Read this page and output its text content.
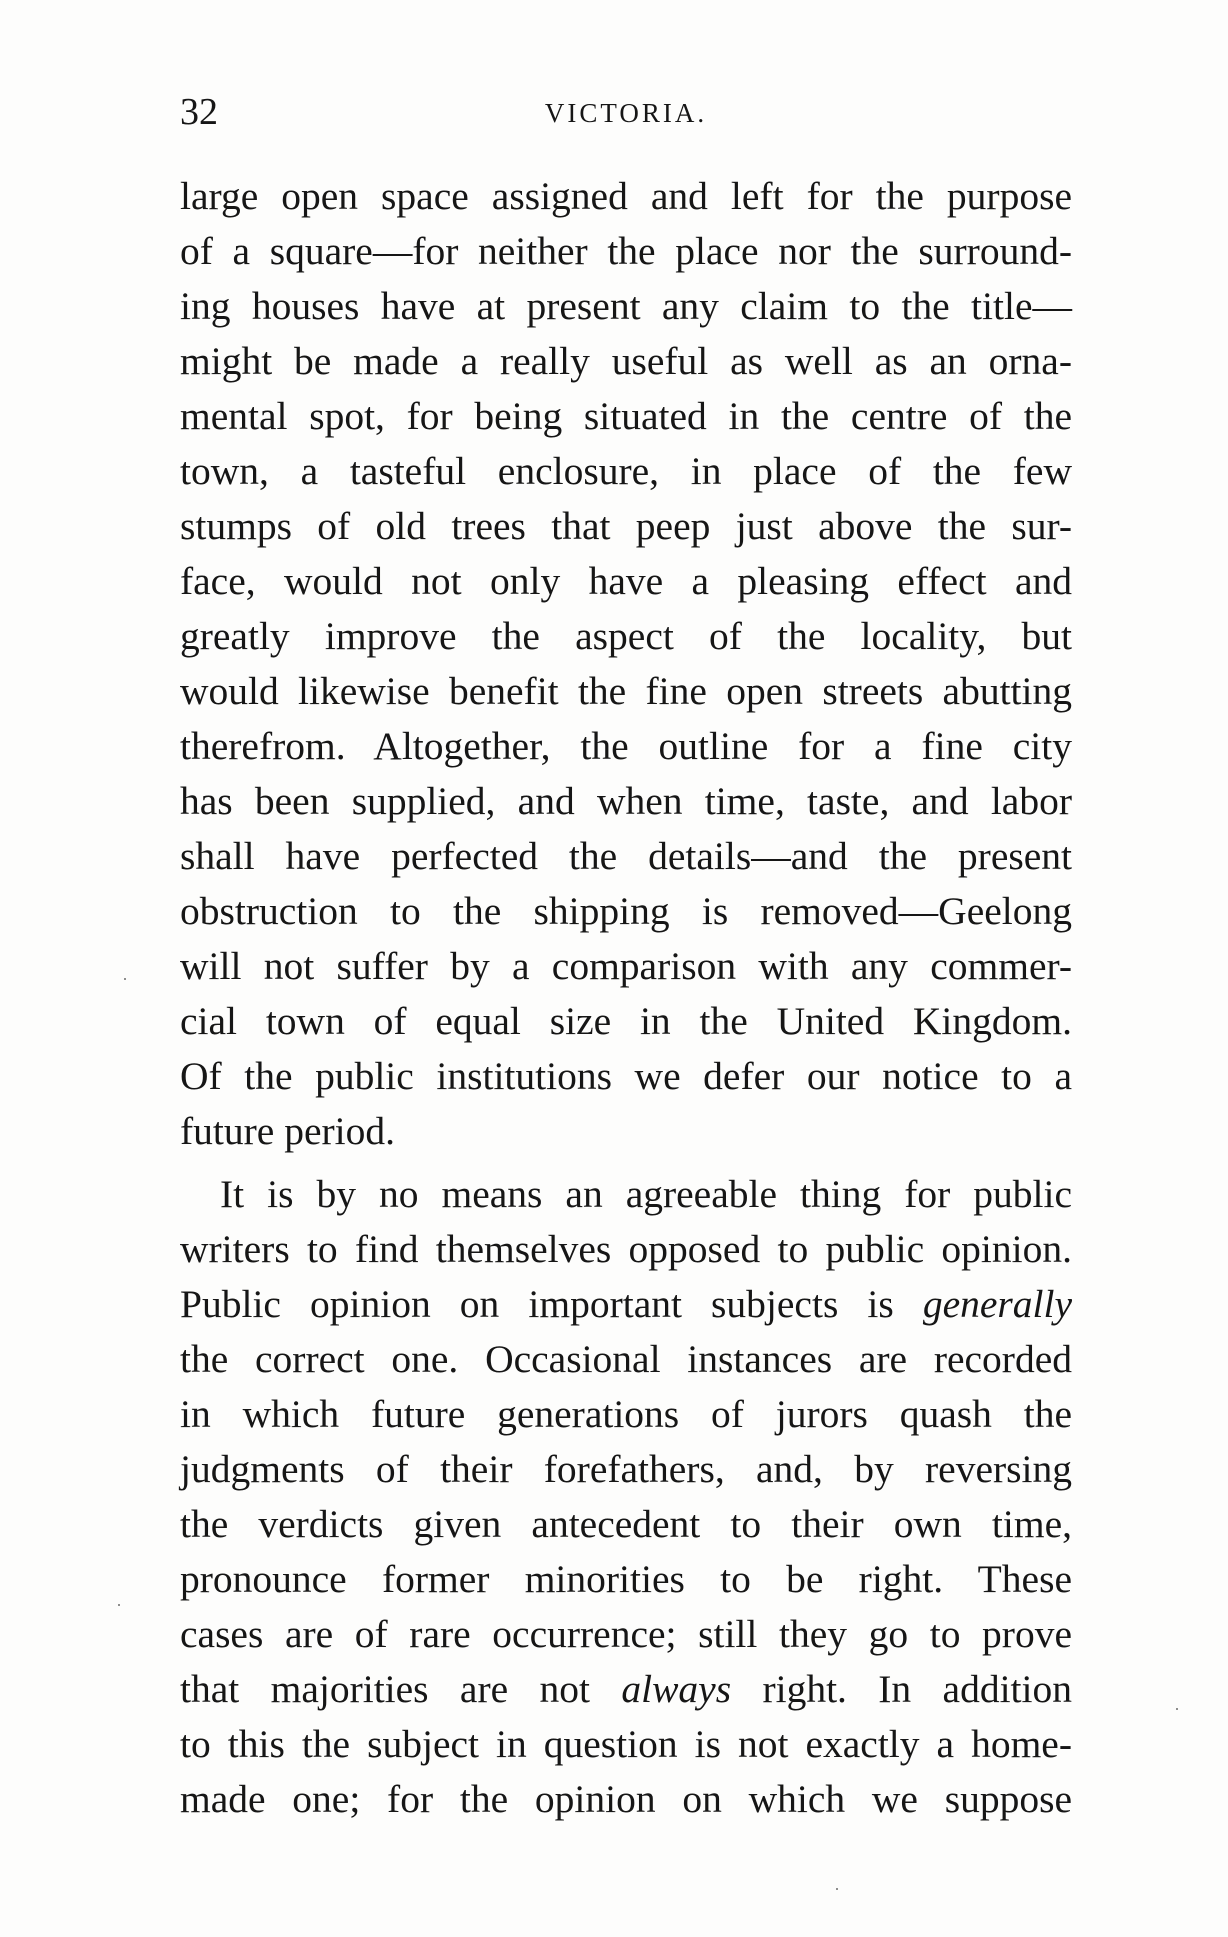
32	VICTORIA.
large open space assigned and left for the purpose
of a square—for neither the place nor the surround-
ing houses have at present any claim to the title—
might be made a really useful as well as an orna-
mental spot, for being situated in the centre of the
town, a tasteful enclosure, in place of the few
stumps of old trees that peep just above the sur-
face, would not only have a pleasing effect and
greatly improve the aspect of the locality, but
would likewise benefit the fine open streets abutting
therefrom. Altogether, the outline for a fine city
has been supplied, and when time, taste, and labor
shall have perfected the details—and the present
obstruction to the shipping is removed—Geelong
will not suffer by a comparison with any commer-
cial town of equal size in the United Kingdom.
Of the public institutions we defer our notice to a
future period.
It is by no means an agreeable thing for public
writers to find themselves opposed to public opinion.
Public opinion on important subjects is generally
the correct one. Occasional instances are recorded
in which future generations of jurors quash the
judgments of their forefathers, and, by reversing
the verdicts given antecedent to their own time,
pronounce former minorities to be right. These
cases are of rare occurrence; still they go to prove
that majorities are not always right. In addition
to this the subject in question is not exactly a home-
made one; for the opinion on which we suppose
